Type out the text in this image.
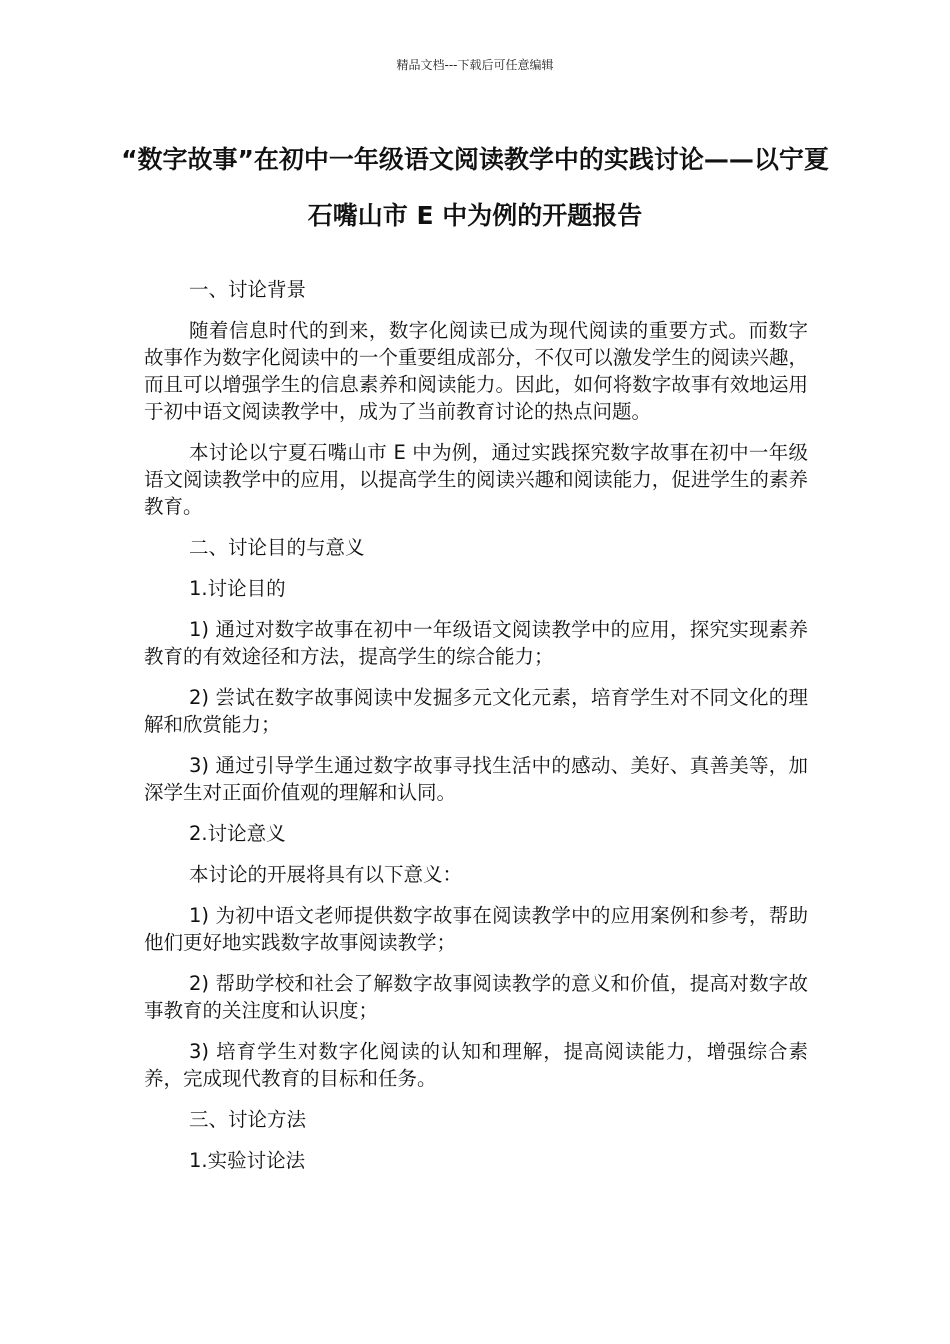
精品文档---下载后可任意编辑
“数字故事”在初中一年级语文阅读教学中的实践讨论——以宁夏石嘴山市 E 中为例的开题报告

一、讨论背景

随着信息时代的到来，数字化阅读已成为现代阅读的重要方式。而数字故事作为数字化阅读中的一个重要组成部分，不仅可以激发学生的阅读兴趣，而且可以增强学生的信息素养和阅读能力。因此，如何将数字故事有效地运用于初中语文阅读教学中，成为了当前教育讨论的热点问题。

本讨论以宁夏石嘴山市 E 中为例，通过实践探究数字故事在初中一年级语文阅读教学中的应用，以提高学生的阅读兴趣和阅读能力，促进学生的素养教育。

二、讨论目的与意义

1.讨论目的

1) 通过对数字故事在初中一年级语文阅读教学中的应用，探究实现素养教育的有效途径和方法，提高学生的综合能力；

2) 尝试在数字故事阅读中发掘多元文化元素，培育学生对不同文化的理解和欣赏能力；

3) 通过引导学生通过数字故事寻找生活中的感动、美好、真善美等，加深学生对正面价值观的理解和认同。

2.讨论意义

本讨论的开展将具有以下意义：

1) 为初中语文老师提供数字故事在阅读教学中的应用案例和参考，帮助他们更好地实践数字故事阅读教学；

2) 帮助学校和社会了解数字故事阅读教学的意义和价值，提高对数字故事教育的关注度和认识度；

3) 培育学生对数字化阅读的认知和理解，提高阅读能力，增强综合素养，完成现代教育的目标和任务。

三、讨论方法

1.实验讨论法
